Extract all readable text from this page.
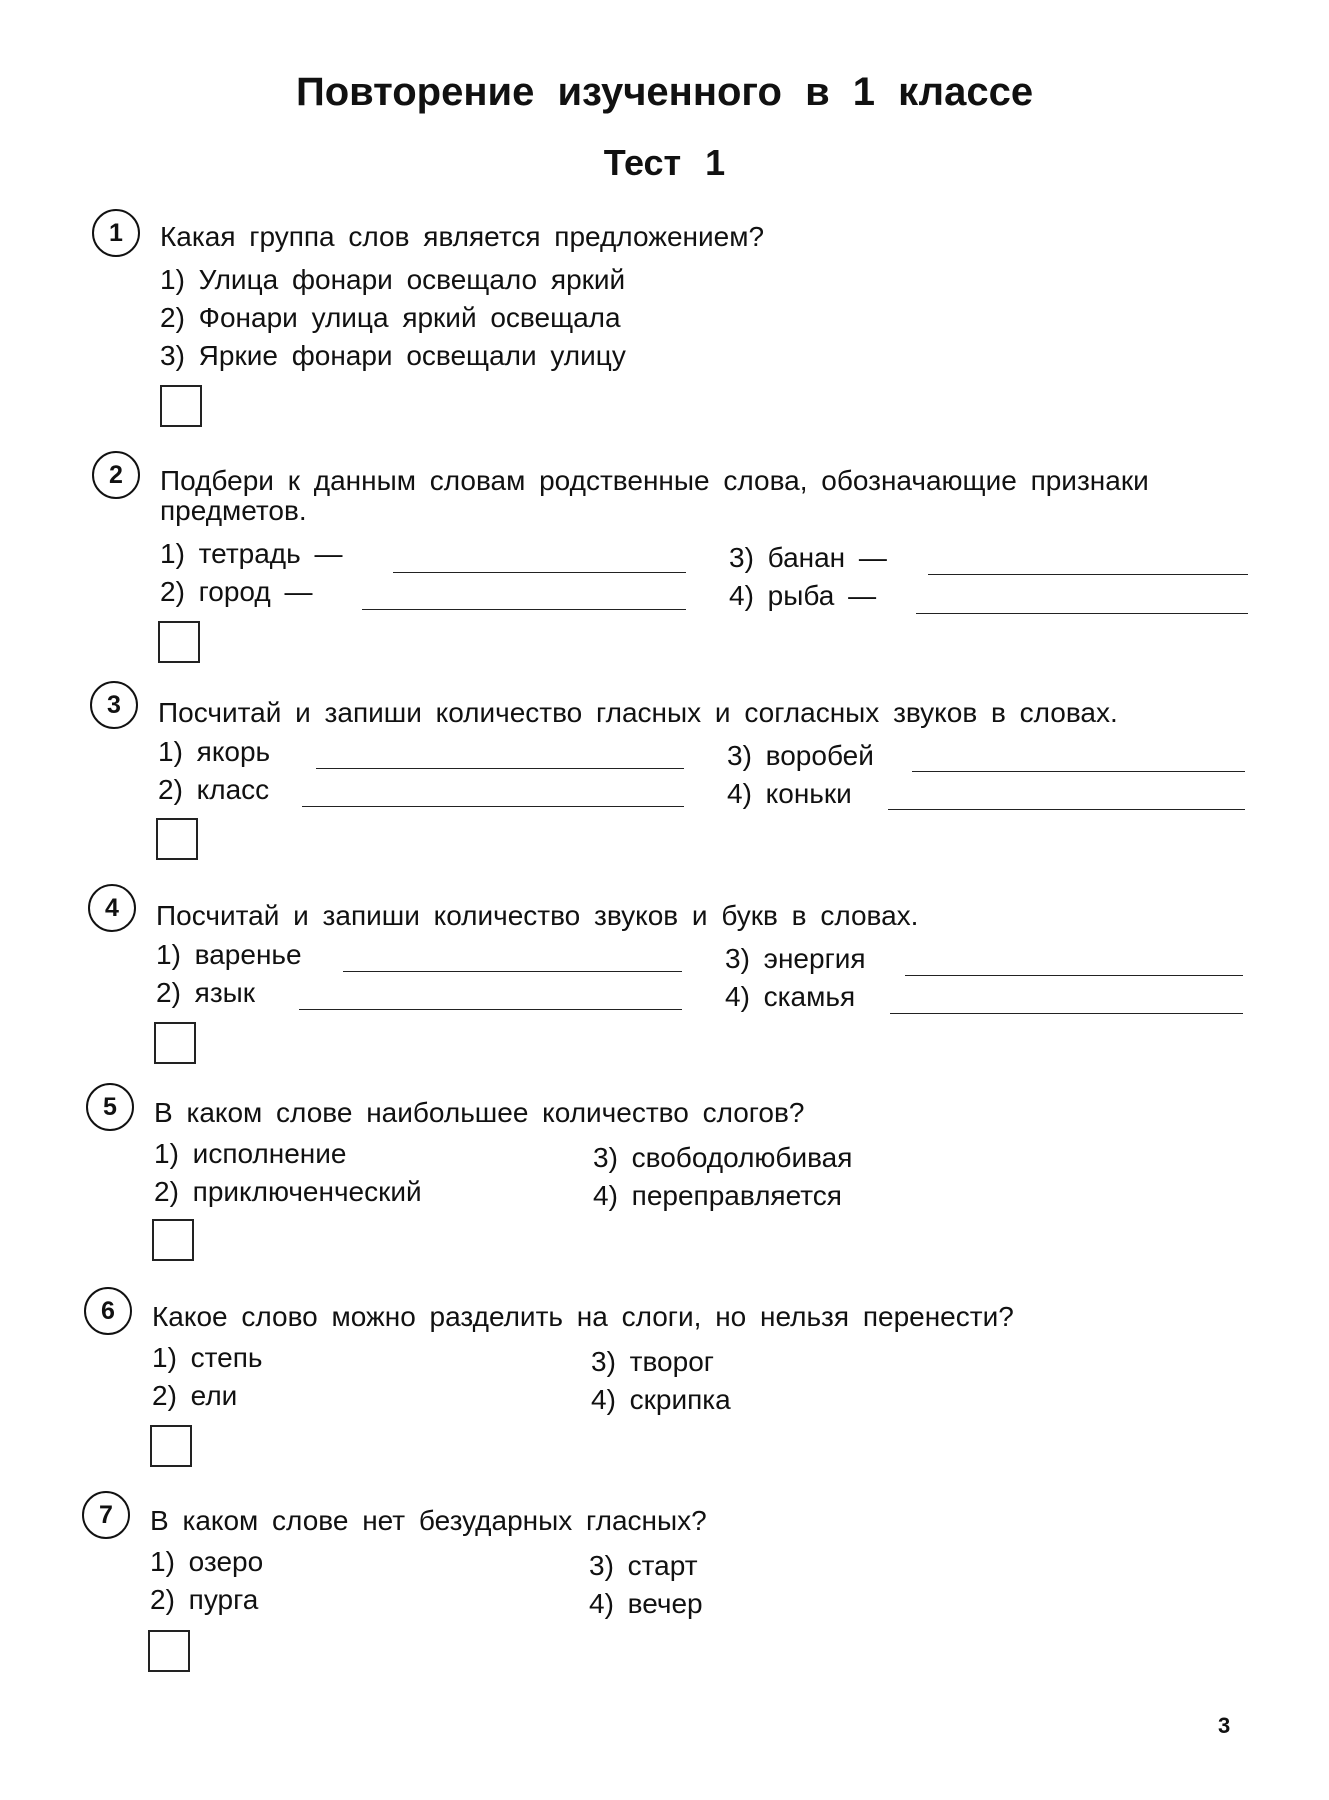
Повторение изученного в 1 классе
Тест 1
1	Какая группа слов является предложением?

1) Улица фонари освещало яркий
2) Фонари улица яркий освещала
3) Яркие фонари освещали улицу
2	Подбери к данным словам родственные слова, обозначающие признаки предметов.

1) тетрадь —
2) город —
3) банан —
4) рыба —
3	Посчитай и запиши количество гласных и согласных звуков в словах.

1) якорь
2) класс
3) воробей
4) коньки
4	Посчитай и запиши количество звуков и букв в словах.

1) варенье
2) язык
3) энергия
4) скамья
5	В каком слове наибольшее количество слогов?

1) исполнение
2) приключенческий
3) свободолюбивая
4) переправляется
6	Какое слово можно разделить на слоги, но нельзя перенести?

1) степь
2) ели
3) творог
4) скрипка
7	В каком слове нет безударных гласных?

1) озеро
2) пурга
3) старт
4) вечер
3
